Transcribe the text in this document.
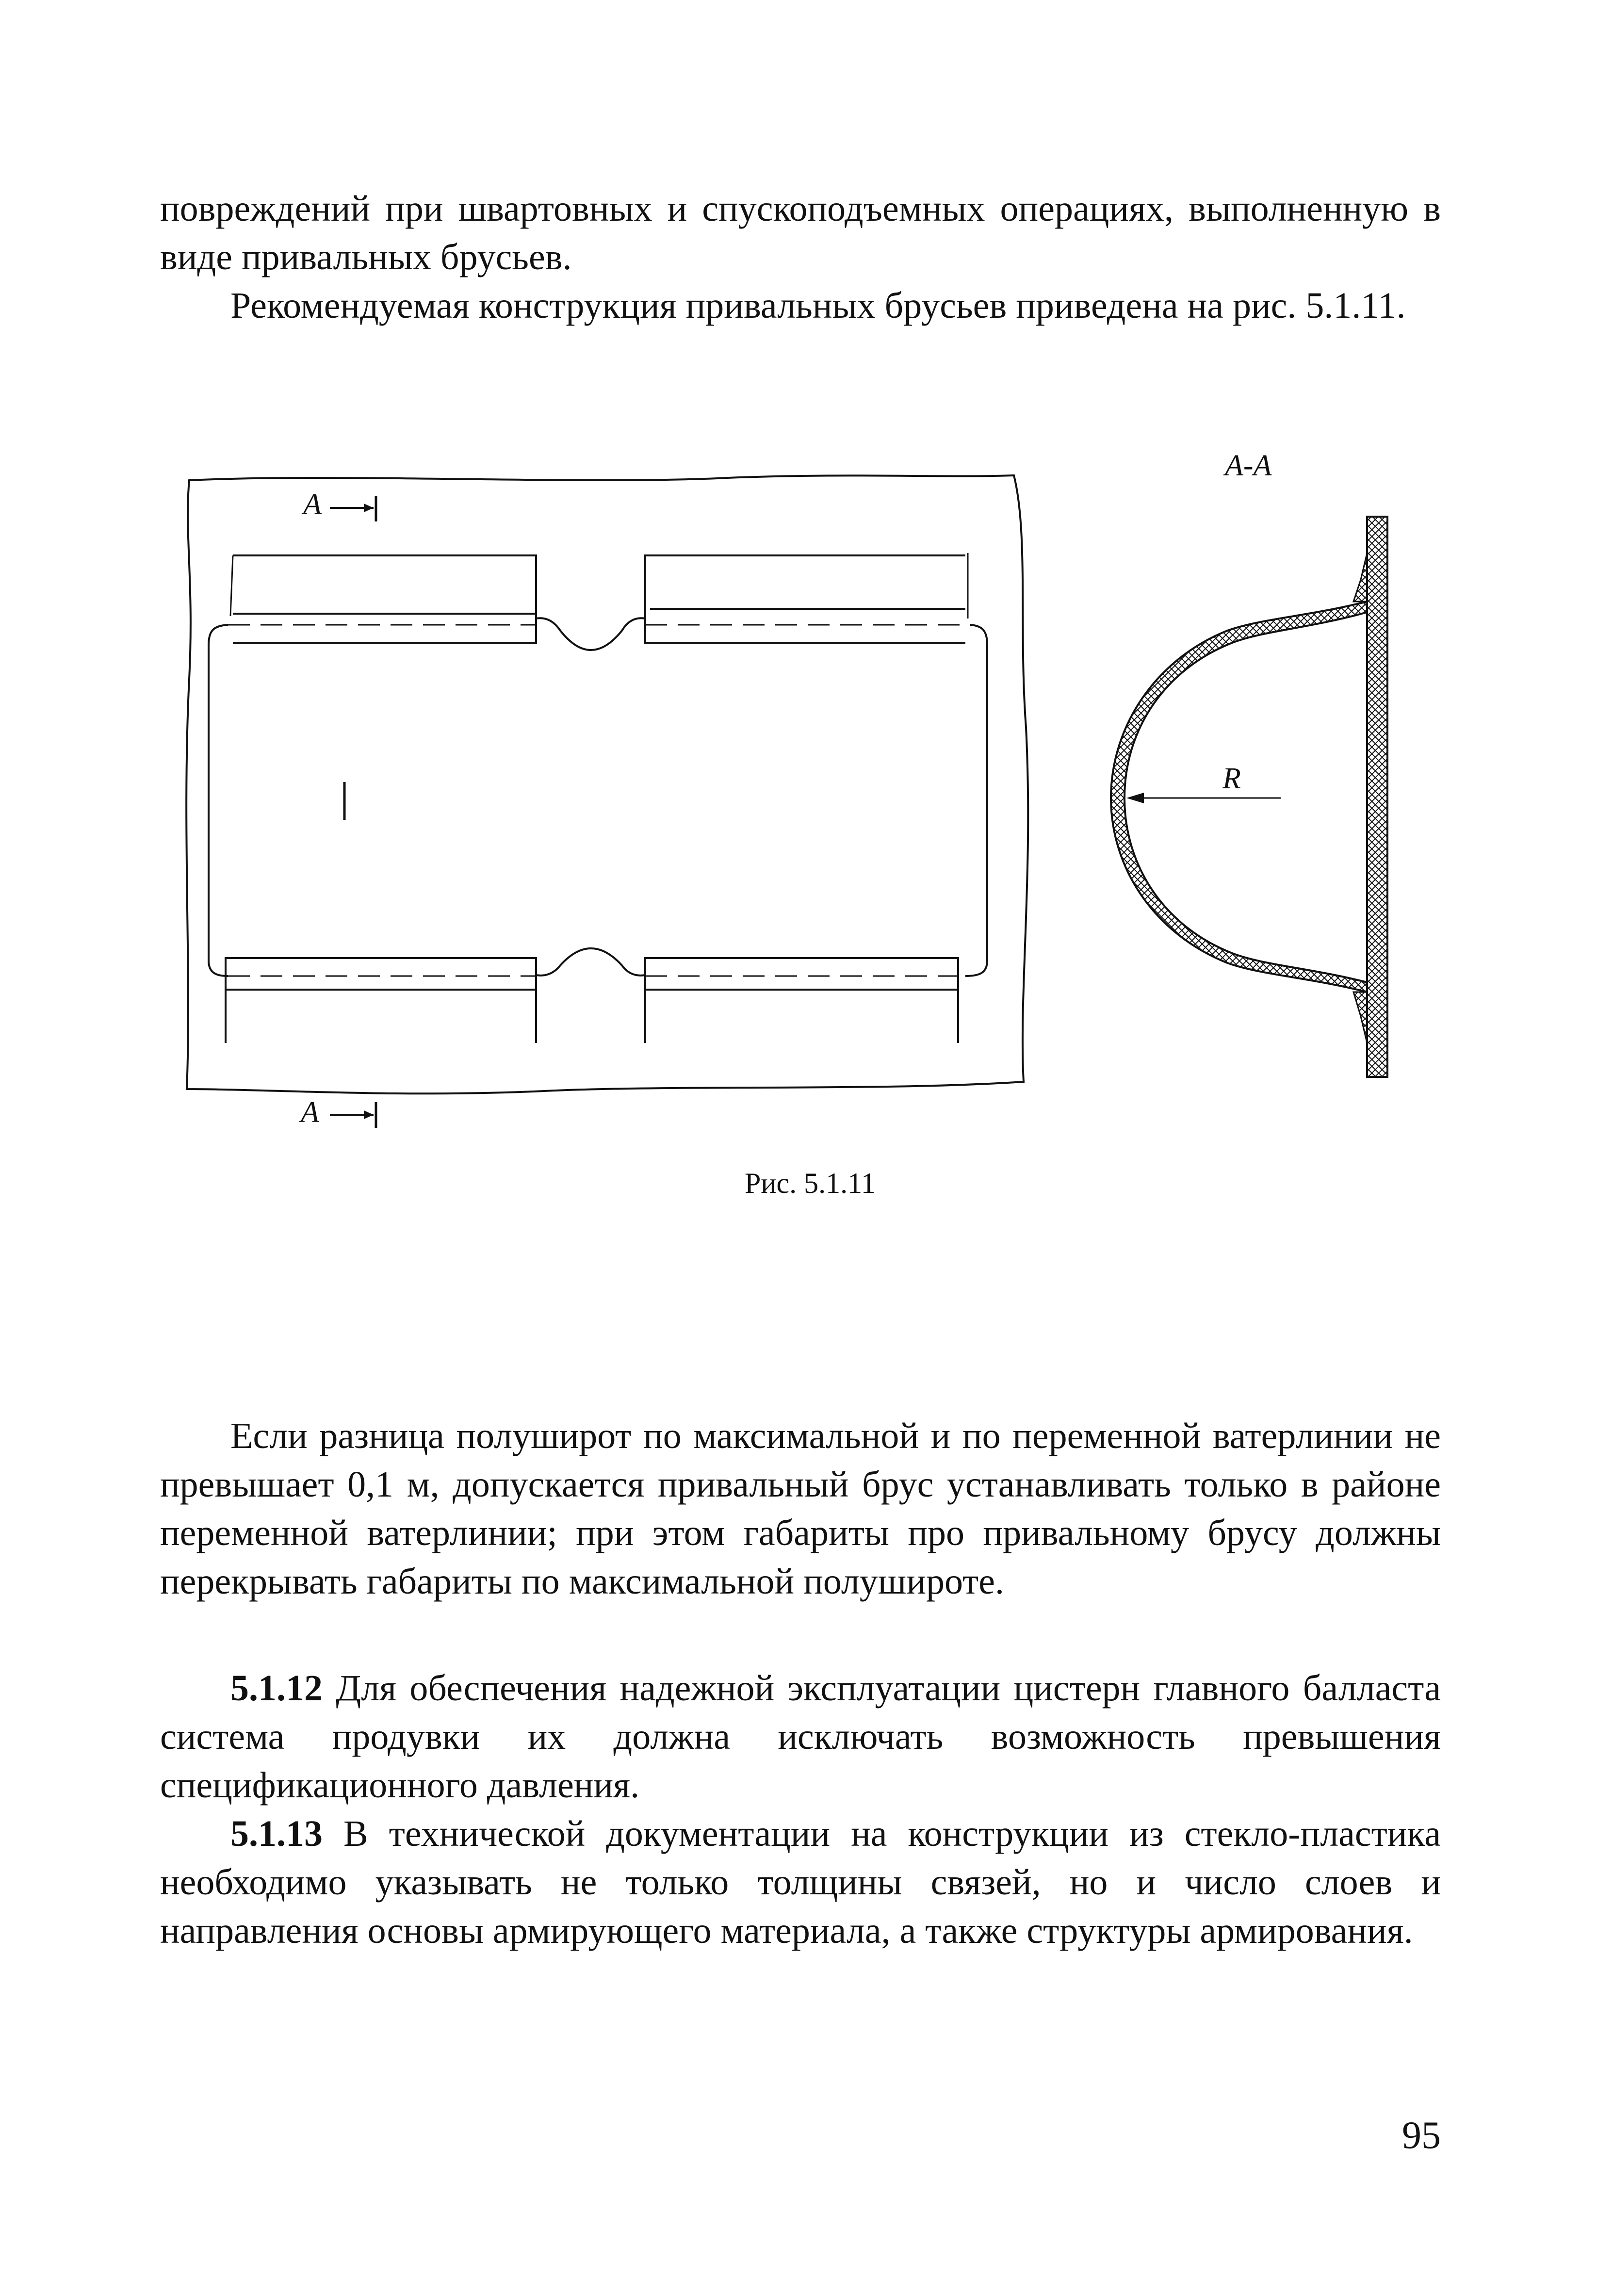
повреждений при швартовных и спускоподъемных операциях, выполненную в виде привальных брусьев.

Рекомендуемая конструкция привальных брусьев приведена на рис. 5.1.11.

A
A
A-A
R
Рис. 5.1.11

Если разница полуширот по максимальной и по переменной ватерлинии не превышает 0,1 м, допускается привальный брус устанавливать только в районе переменной ватерлинии; при этом габариты про привальному брусу должны перекрывать габариты по максимальной полушироте.

5.1.12 Для обеспечения надежной эксплуатации цистерн главного балласта система продувки их должна исключать возможность превышения спецификационного давления.

5.1.13 В технической документации на конструкции из стекло-пластика необходимо указывать не только толщины связей, но и число слоев и направления основы армирующего материала, а также структуры армирования.

95
